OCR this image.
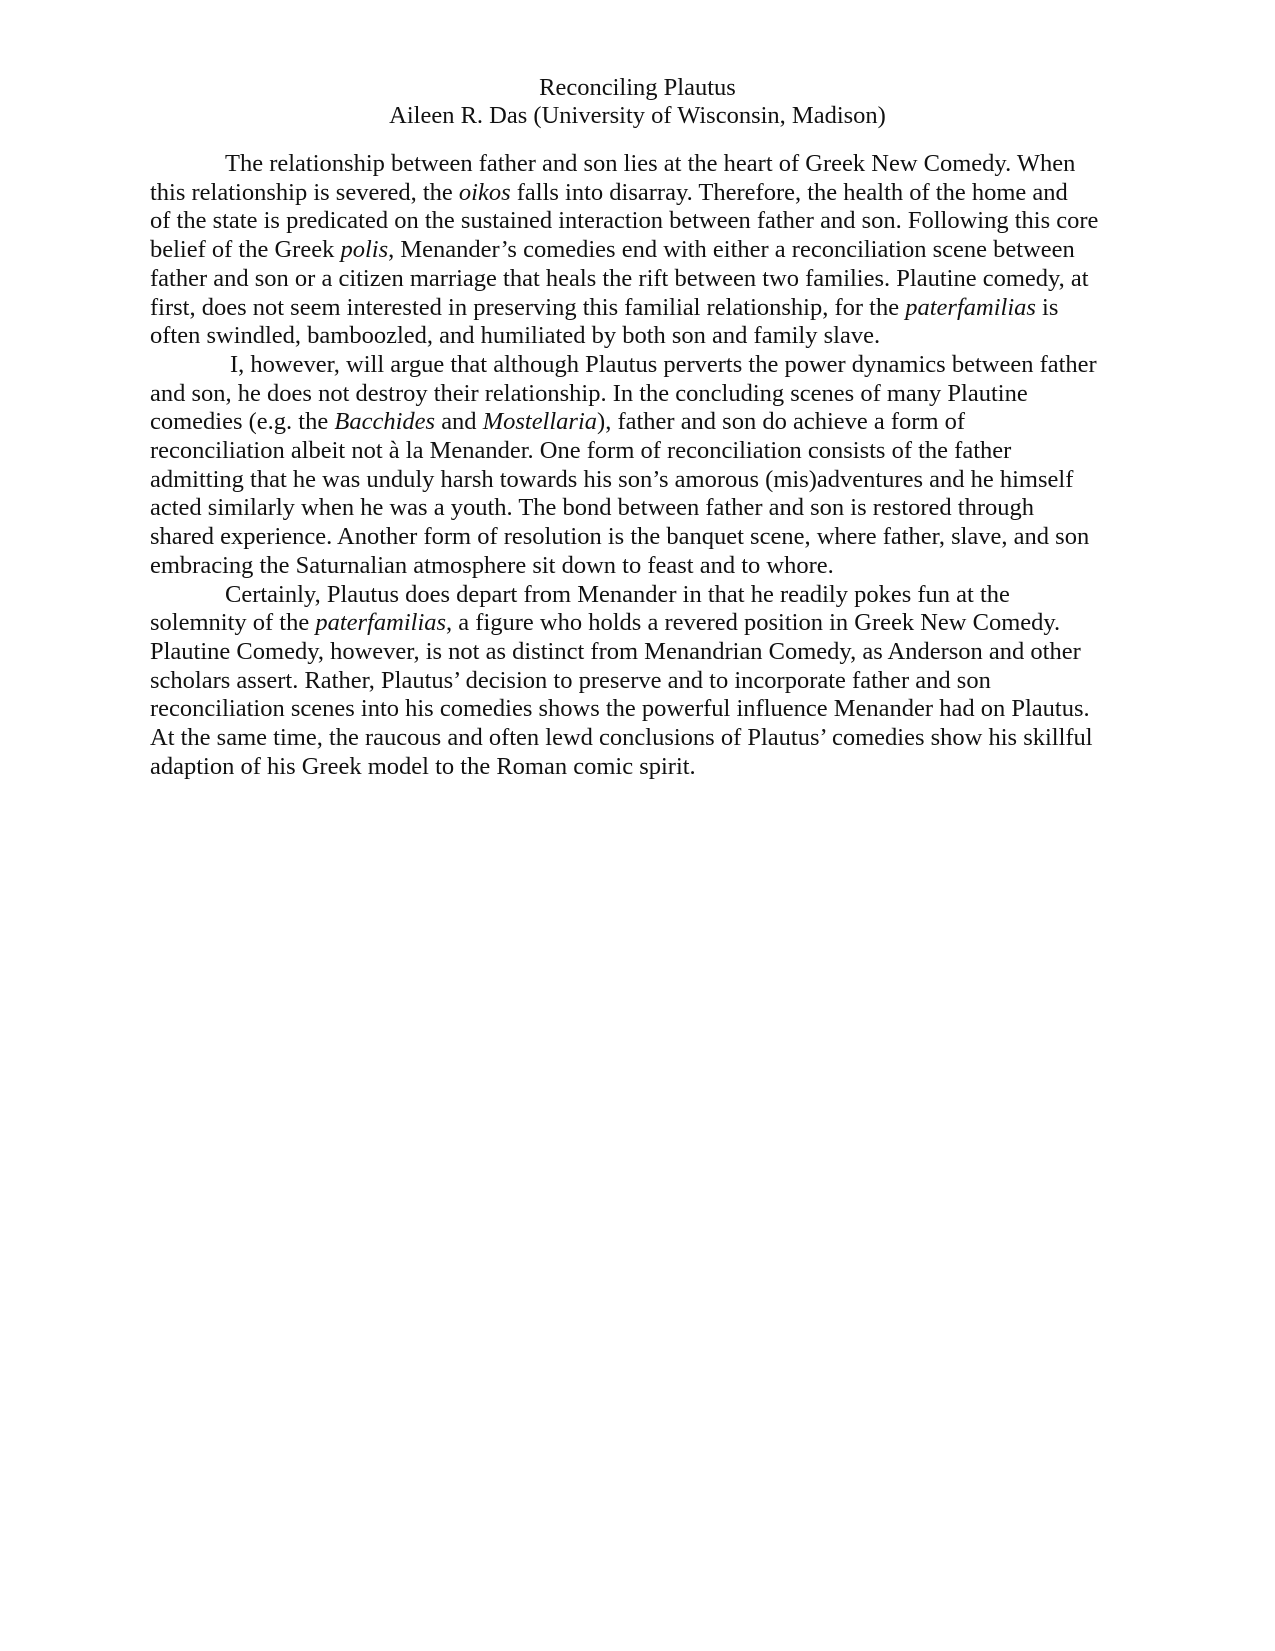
Reconciling Plautus
Aileen R. Das (University of Wisconsin, Madison)
The relationship between father and son lies at the heart of Greek New Comedy. When
this relationship is severed, the oikos falls into disarray. Therefore, the health of the home and
of the state is predicated on the sustained interaction between father and son. Following this core
belief of the Greek polis, Menander’s comedies end with either a reconciliation scene between
father and son or a citizen marriage that heals the rift between two families. Plautine comedy, at
first, does not seem interested in preserving this familial relationship, for the paterfamilias is
often swindled, bamboozled, and humiliated by both son and family slave.
I, however, will argue that although Plautus perverts the power dynamics between father
and son, he does not destroy their relationship. In the concluding scenes of many Plautine
comedies (e.g. the Bacchides and Mostellaria), father and son do achieve a form of
reconciliation albeit not à la Menander. One form of reconciliation consists of the father
admitting that he was unduly harsh towards his son’s amorous (mis)adventures and he himself
acted similarly when he was a youth. The bond between father and son is restored through
shared experience. Another form of resolution is the banquet scene, where father, slave, and son
embracing the Saturnalian atmosphere sit down to feast and to whore.
Certainly, Plautus does depart from Menander in that he readily pokes fun at the
solemnity of the paterfamilias, a figure who holds a revered position in Greek New Comedy.
Plautine Comedy, however, is not as distinct from Menandrian Comedy, as Anderson and other
scholars assert. Rather, Plautus’ decision to preserve and to incorporate father and son
reconciliation scenes into his comedies shows the powerful influence Menander had on Plautus.
At the same time, the raucous and often lewd conclusions of Plautus’ comedies show his skillful
adaption of his Greek model to the Roman comic spirit.
